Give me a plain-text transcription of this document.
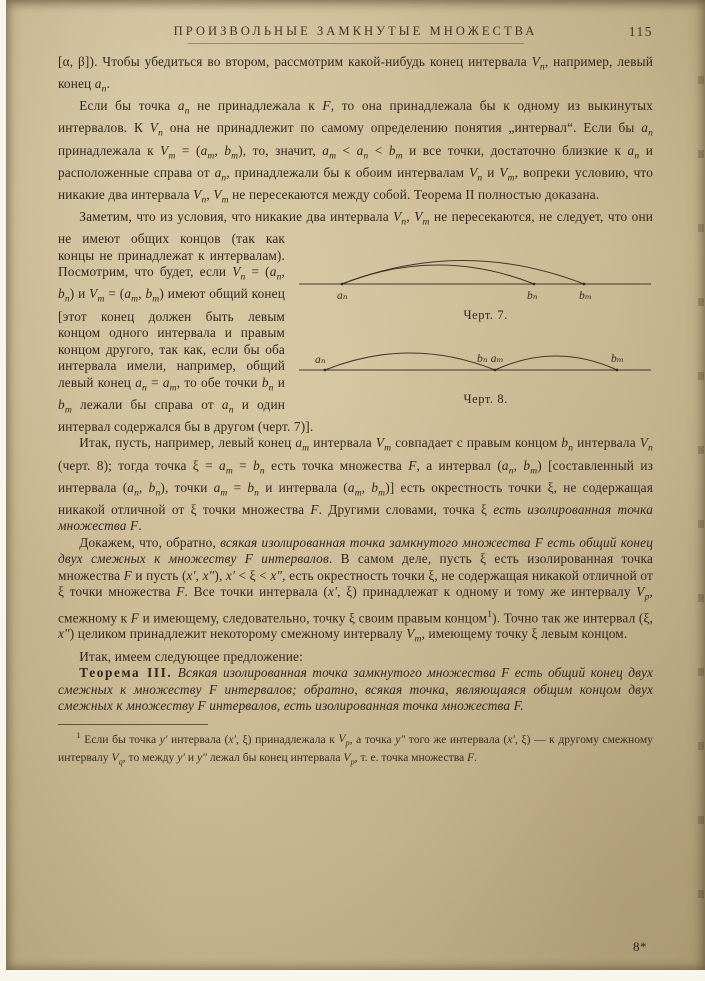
ПРОИЗВОЛЬНЫЕ ЗАМКНУТЫЕ МНОЖЕСТВА	115

[α, β]). Чтобы убедиться во втором, рассмотрим какой-нибудь конец интервала $V_n$, например, левый конец $a_n$.

Если бы точка $a_n$ не принадлежала к F, то она принадлежала бы к одному из выкинутых интервалов. К $V_n$ она не принадлежит по самому определению понятия „интервал“. Если бы $a_n$ принадлежала к $V_m = (a_m$, $b_m$), то, значит, $a_m < a_n < b_m$ и все точки, достаточно близкие к $a_n$ и расположенные справа от $a_n$, принадлежали бы к обоим интервалам $V_n$ и $V_m$, вопреки условию, что никакие два интервала $V_n$, $V_m$ не пересекаются между собой. Теорема II полностью доказана.

Заметим, что из условия, что никакие два интервала $V_n$, $V_m$ не пересекаются, не следует, что они не имеют общих концов (так как
aₙ	bₙ	bₘ
Черт. 7.
aₙ	bₙ aₘ	bₘ
Черт. 8.
концы не принадлежат к интервалам). Посмотрим, что будет, если $V_n = (a_n$, $b_n$) и $V_m = (a_m$, $b_m$) имеют общий конец [этот конец должен быть левым концом одного интервала и правым концом другого, так как, если бы оба интервала имели, например, общий левый конец $a_n = a_m$, то обе точки $b_n$ и $b_m$ лежали бы справа от $a_n$ и один интервал содержался бы в другом (черт. 7)].

Итак, пусть, например, левый конец $a_m$ интервала $V_m$ совпадает с правым концом $b_n$ интервала $V_n$ (черт. 8); тогда точка $\xi = a_m = b_n$ есть точка множества F, а интервал ($a_n$, $b_m$) [составленный из интервала ($a_n$, $b_n$), точки $a_m = b_n$ и интервала ($a_m$, $b_m$)] есть окрестность точки ξ, не содержащая никакой отличной от ξ точки множества F. Другими словами, точка ξ есть изолированная точка множества F.

Докажем, что, обратно, всякая изолированная точка замкнутого множества F есть общий конец двух смежных к множеству F интервалов. В самом деле, пусть ξ есть изолированная точка множества F и пусть (x′, x″), x′ < ξ < x″, есть окрестность точки ξ, не содержащая никакой отличной от ξ точки множества F. Все точки интервала (x′, ξ) принадлежат к одному и тому же интервалу $V_p$, смежному к F и имеющему, следовательно, точку ξ своим правым концом$^1$). Точно так же интервал (ξ, x″) целиком принадлежит некоторому смежному интервалу $V_m$, имеющему точку ξ левым концом.

Итак, имеем следующее предложение:

Теорема III. Всякая изолированная точка замкнутого множества F есть общий конец двух смежных к множеству F интервалов; обратно, всякая точка, являющаяся общим концом двух смежных к множеству F интервалов, есть изолированная точка множества F.

$^1$ Если бы точка y′ интервала (x′, ξ) принадлежала к $V_p$, а точка y″ того же интервала (x′, ξ) — к другому смежному интервалу $V_q$, то между y′ и y″ лежал бы конец интервала $V_p$, т. е. точка множества F.
8*
